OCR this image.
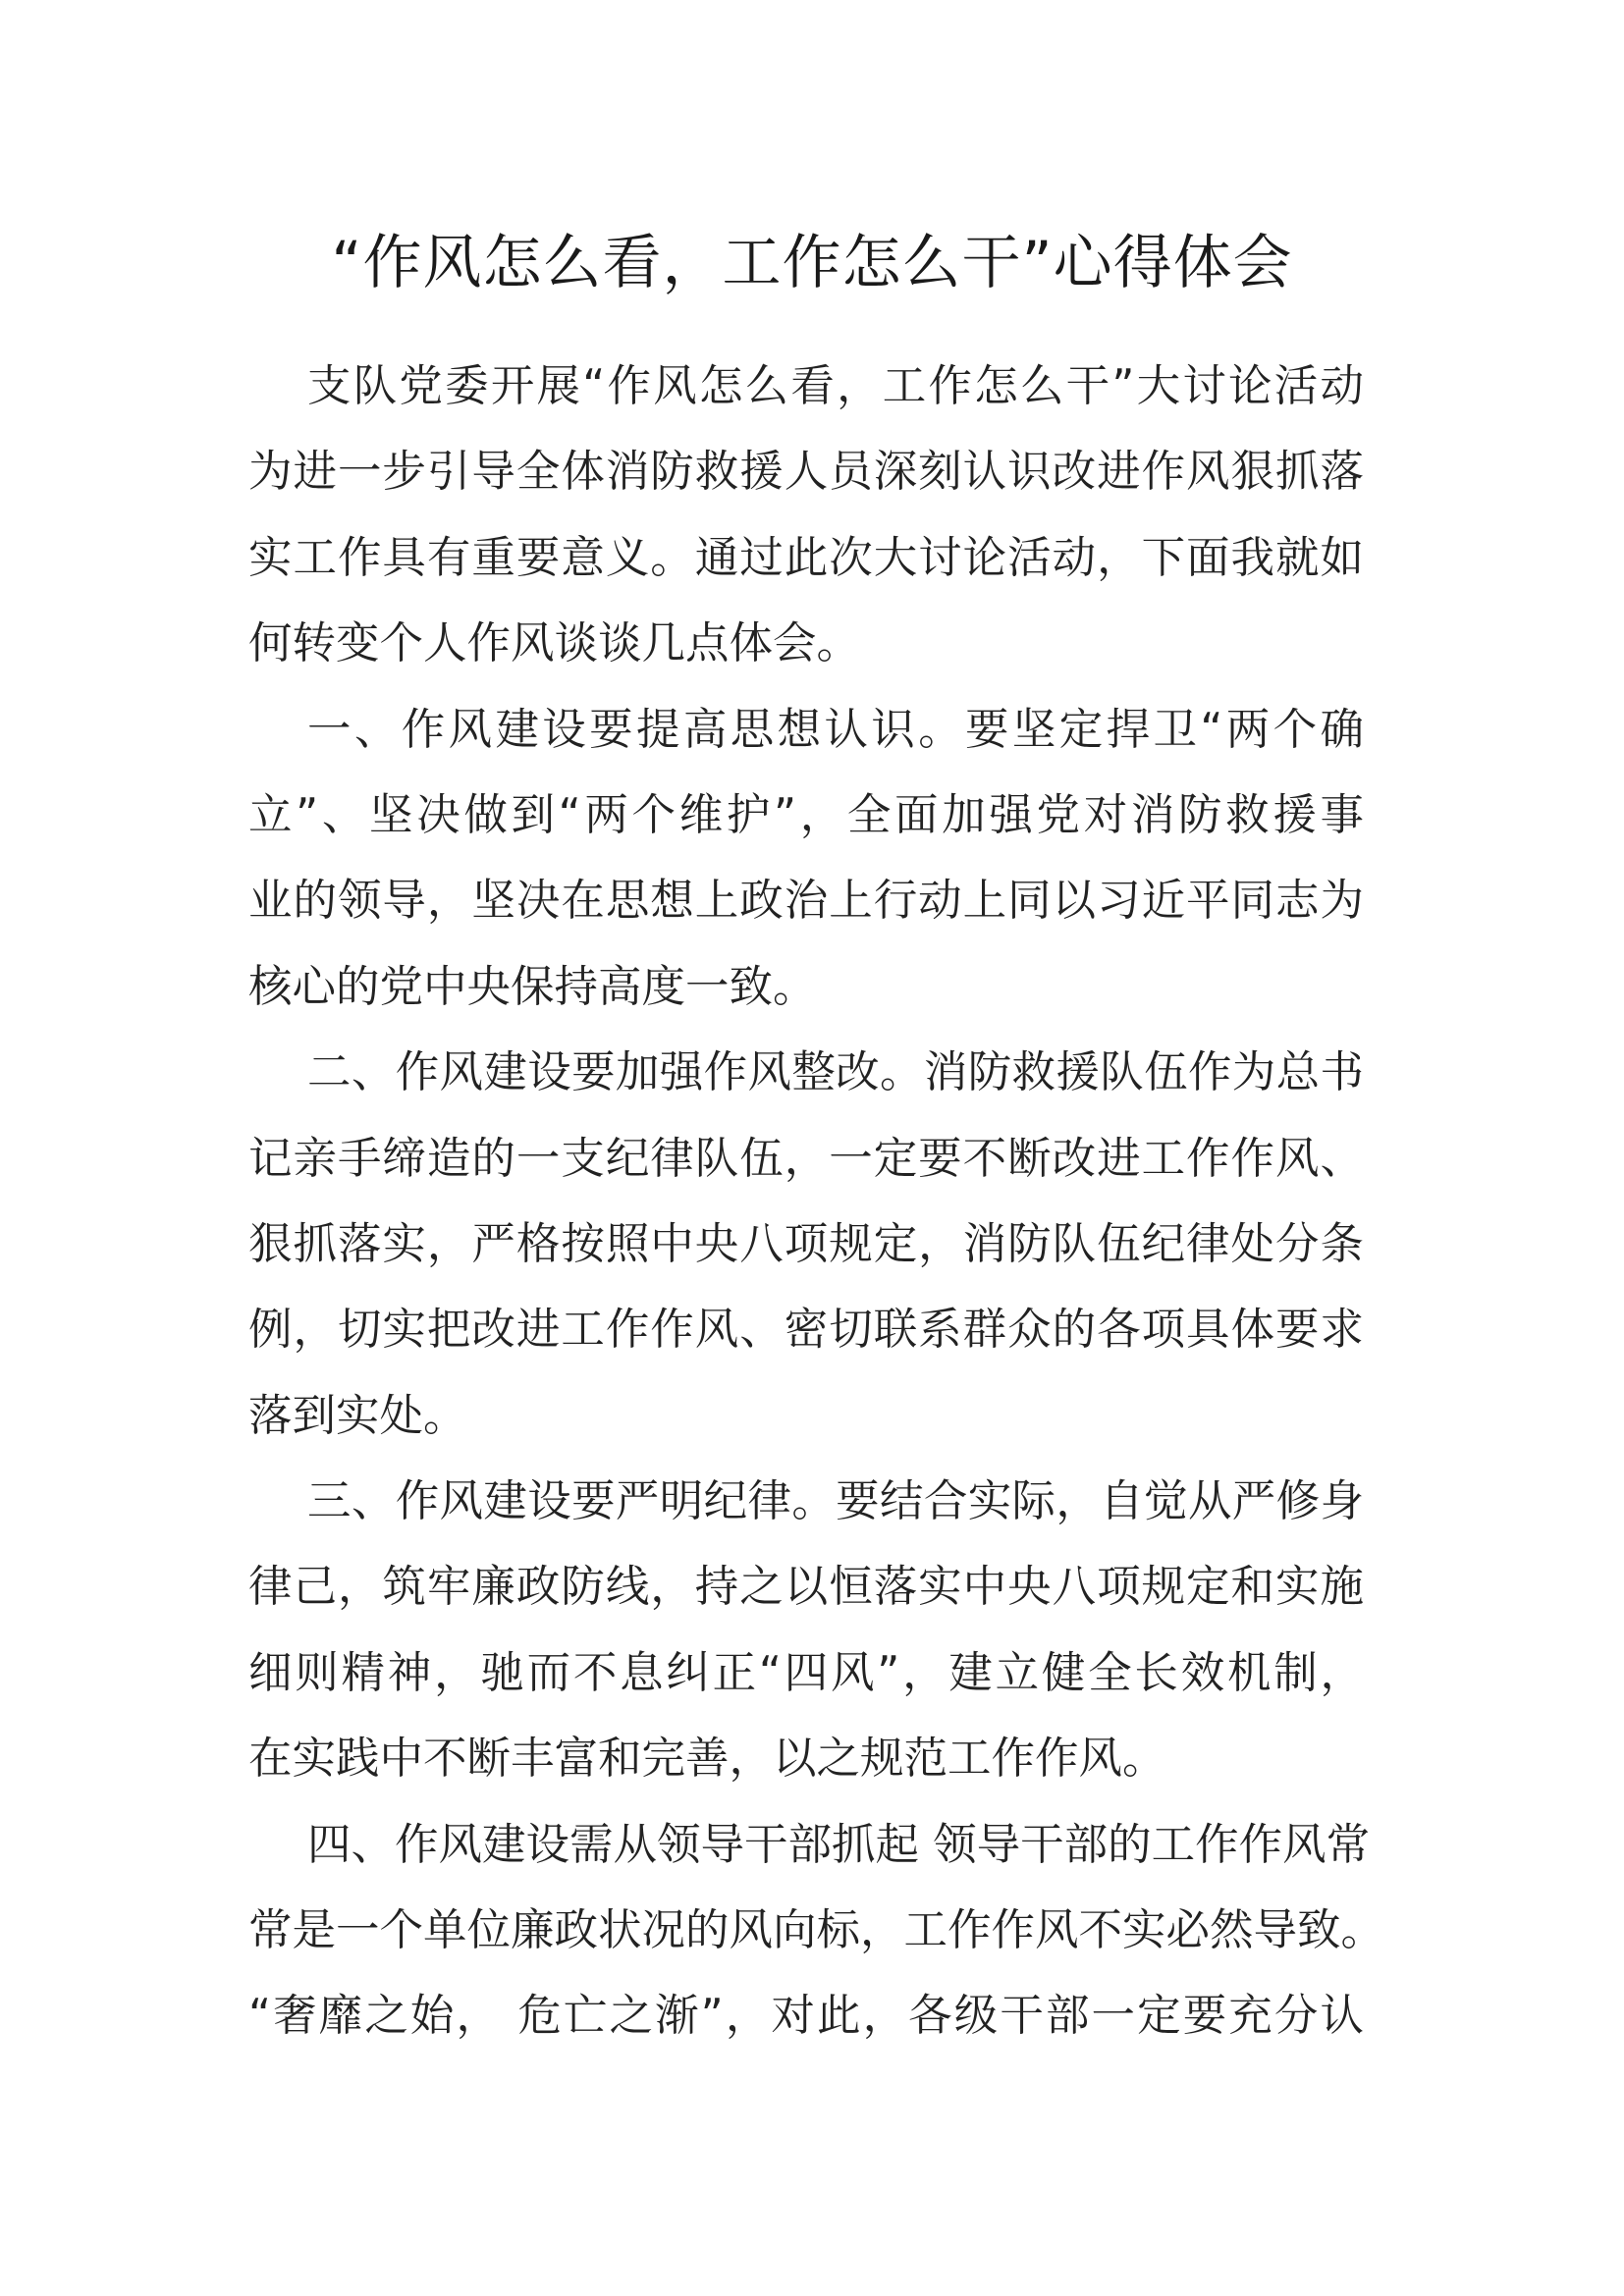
“作风怎么看，工作怎么干”心得体会
支队党委开展“作风怎么看，工作怎么干”大讨论活动
为进一步引导全体消防救援人员深刻认识改进作风狠抓落
实工作具有重要意义。通过此次大讨论活动，下面我就如
何转变个人作风谈谈几点体会。
一、作风建设要提高思想认识。要坚定捍卫“两个确
立”、坚决做到“两个维护”，全面加强党对消防救援事
业的领导，坚决在思想上政治上行动上同以习近平同志为
核心的党中央保持高度一致。
二、作风建设要加强作风整改。消防救援队伍作为总书
记亲手缔造的一支纪律队伍，一定要不断改进工作作风、
狠抓落实，严格按照中央八项规定，消防队伍纪律处分条
例，切实把改进工作作风、密切联系群众的各项具体要求
落到实处。
三、作风建设要严明纪律。要结合实际，自觉从严修身
律己，筑牢廉政防线，持之以恒落实中央八项规定和实施
细则精神，驰而不息纠正“四风”，建立健全长效机制，
在实践中不断丰富和完善，以之规范工作作风。
四、作风建设需从领导干部抓起 领导干部的工作作风常
常是一个单位廉政状况的风向标，工作作风不实必然导致。
“奢靡之始， 危亡之渐”，对此，各级干部一定要充分认
